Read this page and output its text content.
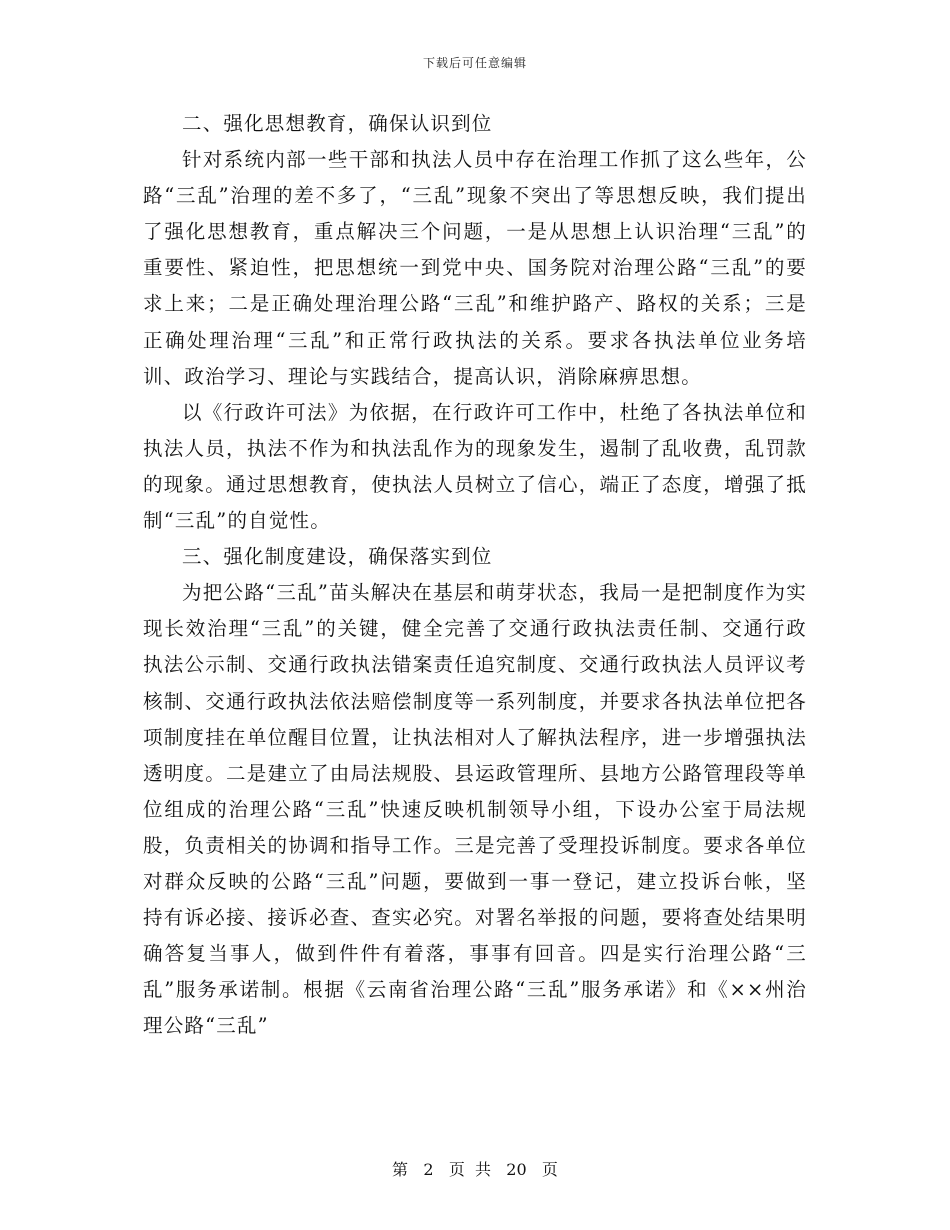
下载后可任意编辑

二、强化思想教育，确保认识到位

针对系统内部一些干部和执法人员中存在治理工作抓了这么些年，公路“三乱”治理的差不多了，“三乱”现象不突出了等思想反映，我们提出了强化思想教育，重点解决三个问题，一是从思想上认识治理“三乱”的重要性、紧迫性，把思想统一到党中央、国务院对治理公路“三乱”的要求上来；二是正确处理治理公路“三乱”和维护路产、路权的关系；三是正确处理治理“三乱”和正常行政执法的关系。要求各执法单位业务培训、政治学习、理论与实践结合，提高认识，消除麻痹思想。

以《行政许可法》为依据，在行政许可工作中，杜绝了各执法单位和执法人员，执法不作为和执法乱作为的现象发生，遏制了乱收费，乱罚款的现象。通过思想教育，使执法人员树立了信心，端正了态度，增强了抵制“三乱”的自觉性。

三、强化制度建设，确保落实到位

为把公路“三乱”苗头解决在基层和萌芽状态，我局一是把制度作为实现长效治理“三乱”的关键，健全完善了交通行政执法责任制、交通行政执法公示制、交通行政执法错案责任追究制度、交通行政执法人员评议考核制、交通行政执法依法赔偿制度等一系列制度，并要求各执法单位把各项制度挂在单位醒目位置，让执法相对人了解执法程序，进一步增强执法透明度。二是建立了由局法规股、县运政管理所、县地方公路管理段等单位组成的治理公路“三乱”快速反映机制领导小组，下设办公室于局法规股，负责相关的协调和指导工作。三是完善了受理投诉制度。要求各单位对群众反映的公路“三乱”问题，要做到一事一登记，建立投诉台帐，坚持有诉必接、接诉必查、查实必究。对署名举报的问题，要将查处结果明确答复当事人，做到件件有着落，事事有回音。四是实行治理公路“三乱”服务承诺制。根据《云南省治理公路“三乱”服务承诺》和《××州治理公路“三乱”

第 2 页  共 20 页
